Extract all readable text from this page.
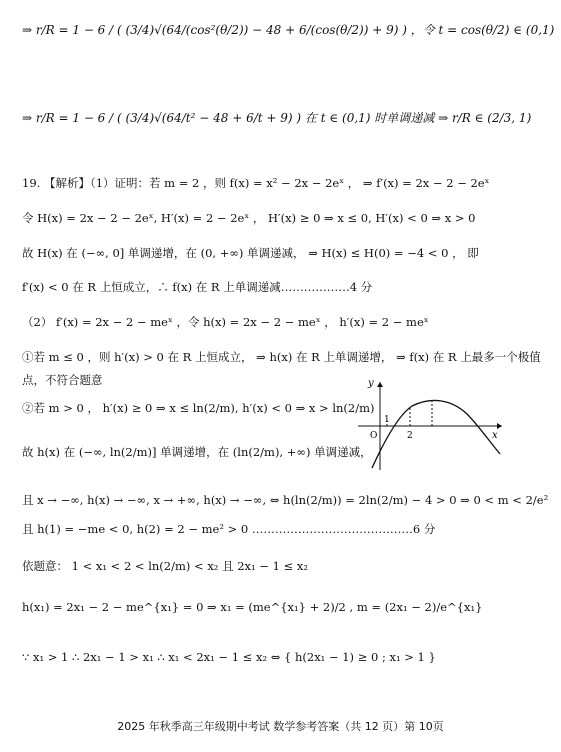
⇒ r/R = 1 − 6 / ( (3/4)√(64/(cos²(θ/2)) − 48 + 6/(cos(θ/2)) + 9) ) ，令 t = cos(θ/2) ∈ (0,1)
⇒ r/R = 1 − 6 / ( (3/4)√(64/t² − 48 + 6/t + 9) ) 在 t ∈ (0,1) 时单调递减 ⇒ r/R ∈ (2/3, 1)
19. 【解析】（1）证明：若 m = 2 ，则 f(x) = x² − 2x − 2eˣ ， ⇒ f′(x) = 2x − 2 − 2eˣ
令 H(x) = 2x − 2 − 2eˣ, H′(x) = 2 − 2eˣ ， H′(x) ≥ 0 ⇒ x ≤ 0, H′(x) < 0 ⇒ x > 0
故 H(x) 在 (−∞, 0] 单调递增，在 (0, +∞) 单调递减， ⇒ H(x) ≤ H(0) = −4 < 0 ， 即
f′(x) < 0 在 R 上恒成立，∴ f(x) 在 R 上单调递减………………4 分
（2） f′(x) = 2x − 2 − meˣ ，令 h(x) = 2x − 2 − meˣ ， h′(x) = 2 − meˣ
①若 m ≤ 0 ，则 h′(x) > 0 在 R 上恒成立， ⇒ h(x) 在 R 上单调递增， ⇒ f(x) 在 R 上最多一个极值
点，不符合题意
②若 m > 0 ， h′(x) ≥ 0 ⇒ x ≤ ln(2/m), h′(x) < 0 ⇒ x > ln(2/m)
故 h(x) 在 (−∞, ln(2/m)] 单调递增，在 (ln(2/m), +∞) 单调递减，
且 x → −∞, h(x) → −∞, x → +∞, h(x) → −∞, ⇔ h(ln(2/m)) = 2ln(2/m) − 4 > 0 ⇒ 0 < m < 2/e²
且 h(1) = −me < 0, h(2) = 2 − me² > 0 ……………………………………6 分
依题意： 1 < x₁ < 2 < ln(2/m) < x₂ 且 2x₁ − 1 ≤ x₂
h(x₁) = 2x₁ − 2 − me^{x₁} = 0 ⇒ x₁ = (me^{x₁} + 2)/2 , m = (2x₁ − 2)/e^{x₁}
∵ x₁ > 1 ∴ 2x₁ − 1 > x₁ ∴ x₁ < 2x₁ − 1 ≤ x₂ ⇔ { h(2x₁ − 1) ≥ 0 ; x₁ > 1 }
y
x
O
1
2
2025 年秋季高三年级期中考试 数学参考答案（共 12 页）第 10页
